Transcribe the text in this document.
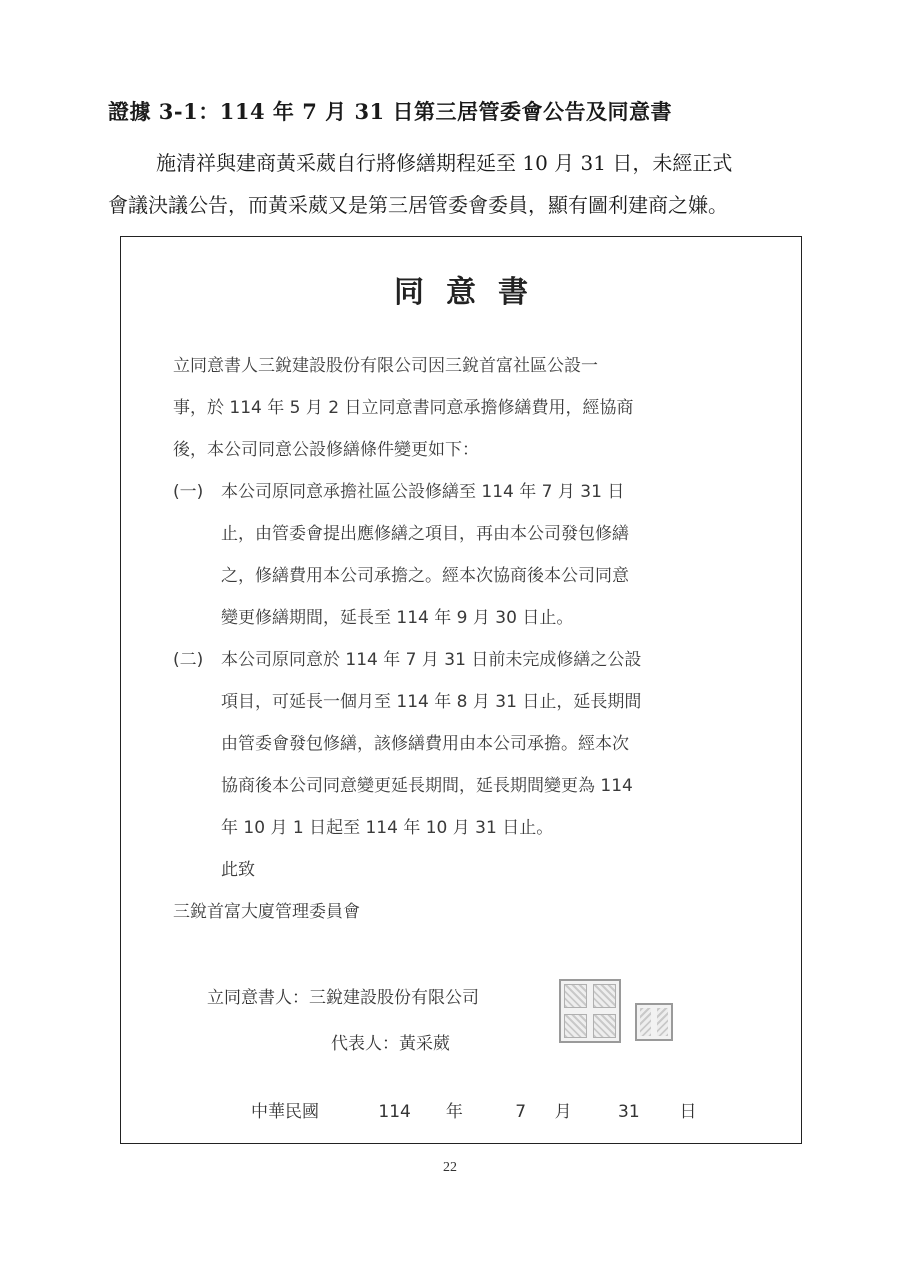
證據 3-1：114 年 7 月 31 日第三居管委會公告及同意書
施清祥與建商黃采葳自行將修繕期程延至 10 月 31 日，未經正式
會議決議公告，而黃采葳又是第三居管委會委員，顯有圖利建商之嫌。
同意書
立同意書人三銳建設股份有限公司因三銳首富社區公設一
事，於 114 年 5 月 2 日立同意書同意承擔修繕費用，經協商
後，本公司同意公設修繕條件變更如下：
(一)	本公司原同意承擔社區公設修繕至 114 年 7 月 31 日
止，由管委會提出應修繕之項目，再由本公司發包修繕
之，修繕費用本公司承擔之。經本次協商後本公司同意
變更修繕期間，延長至 114 年 9 月 30 日止。
(二)	本公司原同意於 114 年 7 月 31 日前未完成修繕之公設
項目，可延長一個月至 114 年 8 月 31 日止，延長期間
由管委會發包修繕，該修繕費用由本公司承擔。經本次
協商後本公司同意變更延長期間，延長期間變更為 114
年 10 月 1 日起至 114 年 10 月 31 日止。
此致
三銳首富大廈管理委員會
立同意書人：三銳建設股份有限公司
代表人：黃采葳
中華民國	114 年	7 月	31 日
22
